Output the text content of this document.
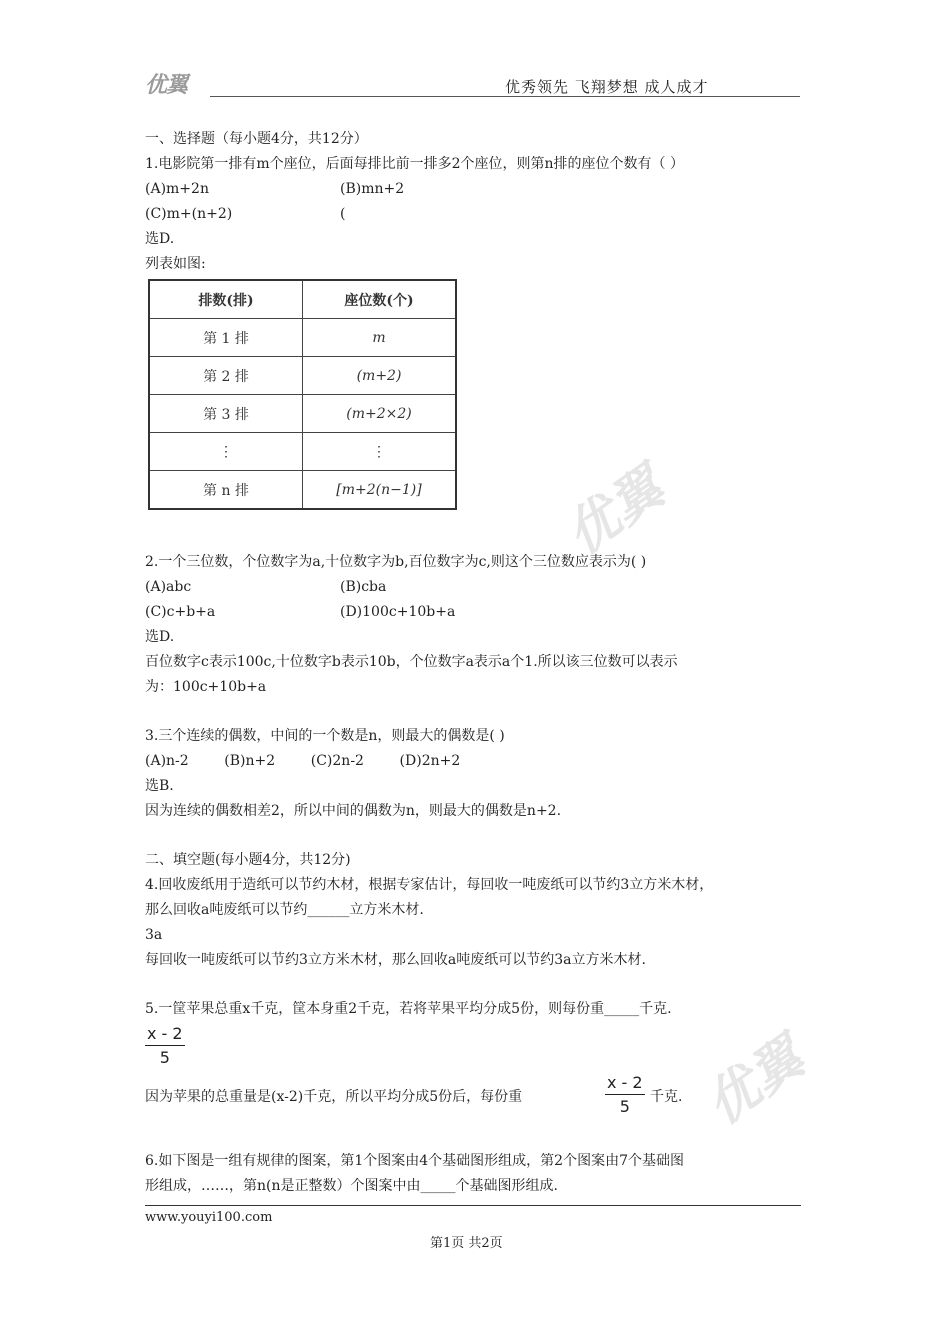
优翼
优翼
优翼	优秀领先 飞翔梦想 成人成才
一、选择题（每小题4分，共12分）
1.电影院第一排有m个座位，后面每排比前一排多2个座位，则第n排的座位个数有（ ）
(A)m+2n	(B)mn+2
(C)m+(n+2)	(
选D.
列表如图:
排数(排)	座位数(个)
第 1 排	m
第 2 排	(m+2)
第 3 排	(m+2×2)
⋮	⋮
第 n 排	[m+2(n−1)]
2.一个三位数，个位数字为a,十位数字为b,百位数字为c,则这个三位数应表示为( )
(A)abc	(B)cba
(C)c+b+a	(D)100c+10b+a
选D.
百位数字c表示100c,十位数字b表示10b，个位数字a表示a个1.所以该三位数可以表示
为：100c+10b+a
3.三个连续的偶数，中间的一个数是n，则最大的偶数是( )
(A)n-2        (B)n+2        (C)2n-2        (D)2n+2
选B.
因为连续的偶数相差2，所以中间的偶数为n，则最大的偶数是n+2.
二、填空题(每小题4分，共12分)
4.回收废纸用于造纸可以节约木材，根据专家估计，每回收一吨废纸可以节约3立方米木材，
那么回收a吨废纸可以节约______立方米木材.
3a
每回收一吨废纸可以节约3立方米木材，那么回收a吨废纸可以节约3a立方米木材.
5.一筐苹果总重x千克，筐本身重2千克，若将苹果平均分成5份，则每份重_____千克.
$\frac{x - 2}{5}$
因为苹果的总重量是(x-2)千克，所以平均分成5份后，每份重	$\frac{x - 2}{5}$ 千克.
6.如下图是一组有规律的图案，第1个图案由4个基础图形组成，第2个图案由7个基础图
形组成，……，第n(n是正整数）个图案中由_____个基础图形组成.
www.youyi100.com
第1页 共2页
